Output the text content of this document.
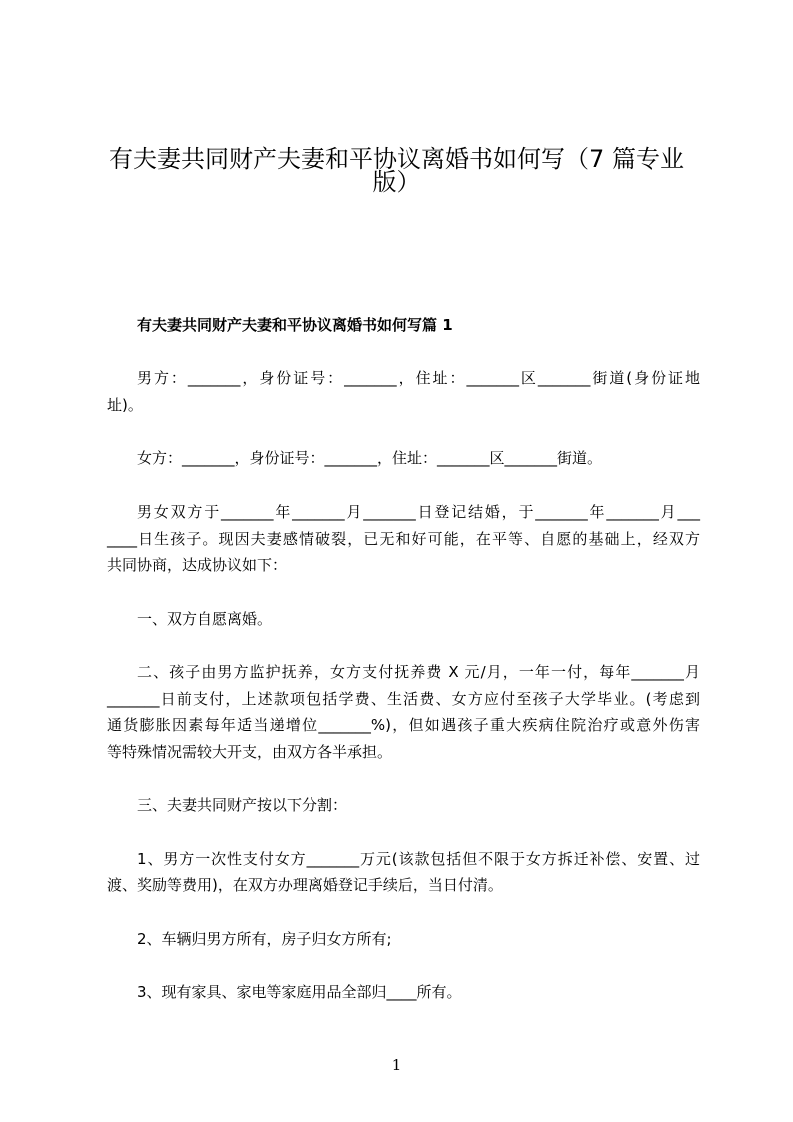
有夫妻共同财产夫妻和平协议离婚书如何写（7 篇专业
版）
有夫妻共同财产夫妻和平协议离婚书如何写篇 1
男方：_______，身份证号：_______，住址：_______区_______街道(身份证地
址)。
女方：_______，身份证号：_______，住址：_______区_______街道。
男女双方于_______年_______月_______日登记结婚，于_______年_______月___
____日生孩子。现因夫妻感情破裂，已无和好可能，在平等、自愿的基础上，经双方
共同协商，达成协议如下：
一、双方自愿离婚。
二、孩子由男方监护抚养，女方支付抚养费 X 元/月，一年一付，每年_______月
_______日前支付，上述款项包括学费、生活费、女方应付至孩子大学毕业。(考虑到
通货膨胀因素每年适当递增位_______%)，但如遇孩子重大疾病住院治疗或意外伤害
等特殊情况需较大开支，由双方各半承担。
三、夫妻共同财产按以下分割：
1、男方一次性支付女方_______万元(该款包括但不限于女方拆迁补偿、安置、过
渡、奖励等费用)，在双方办理离婚登记手续后，当日付清。
2、车辆归男方所有，房子归女方所有;
3、现有家具、家电等家庭用品全部归____所有。
1
